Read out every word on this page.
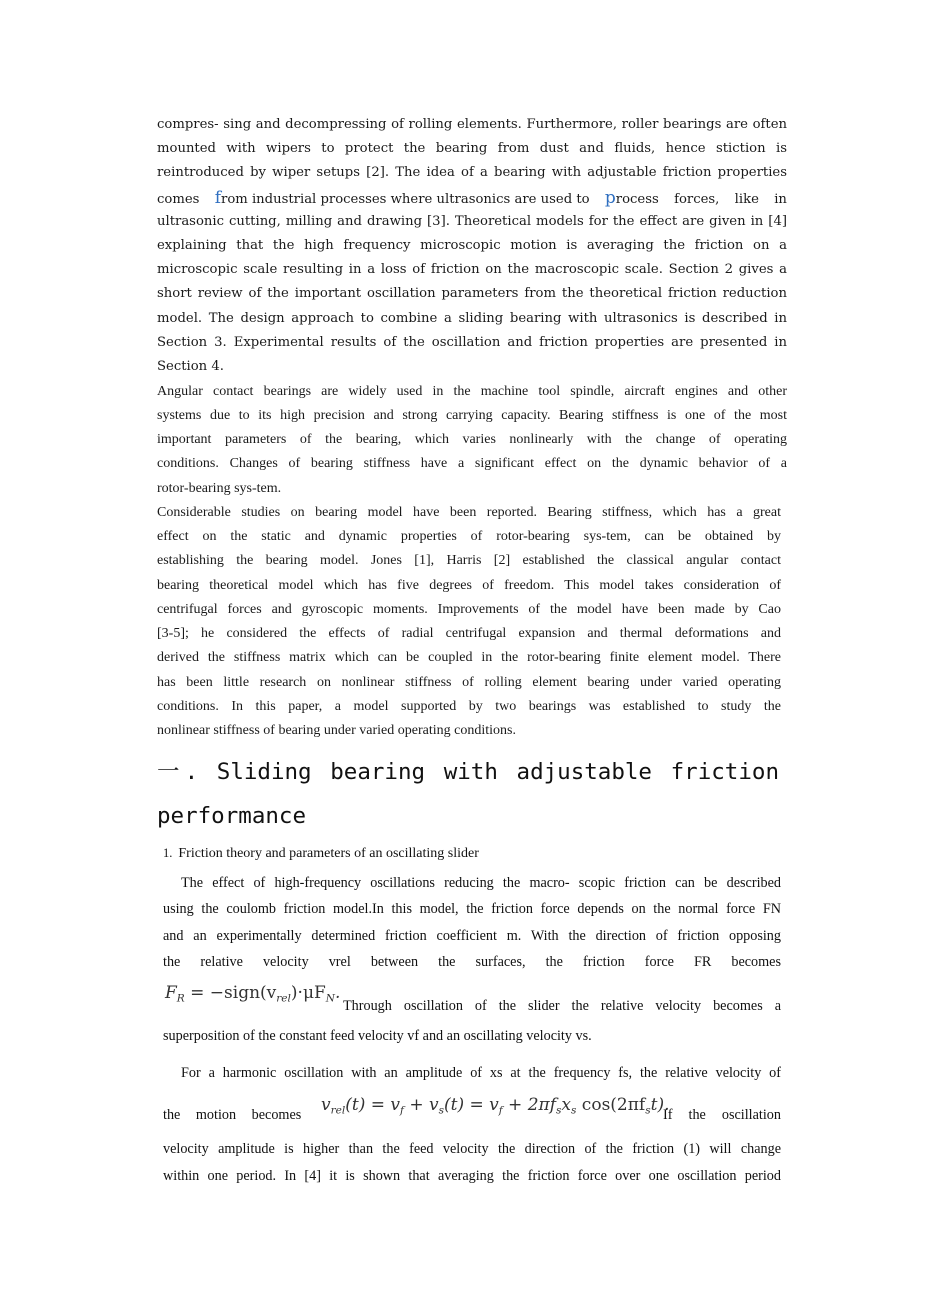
compres- sing and decompressing of rolling elements. Furthermore, roller bearings are often
mounted with wipers to protect the bearing from dust and fluids, hence stiction is
reintroduced by wiper setups [2]. The idea of a bearing with adjustable friction properties
comes from industrial processes where ultrasonics are used to process forces, like in
ultrasonic cutting, milling and drawing [3]. Theoretical models for the effect are given in [4]
explaining that the high frequency microscopic motion is averaging the friction on a
microscopic scale resulting in a loss of friction on the macroscopic scale. Section 2 gives a
short review of the important oscillation parameters from the theoretical friction reduction
model. The design approach to combine a sliding bearing with ultrasonics is described in
Section 3. Experimental results of the oscillation and friction properties are presented in
Section 4.
Angular contact bearings are widely used in the machine tool spindle, aircraft engines and other
systems due to its high precision and strong carrying capacity. Bearing stiffness is one of the most
important parameters of the bearing, which varies nonlinearly with the change of operating
conditions. Changes of bearing stiffness have a significant effect on the dynamic behavior of a
rotor-bearing sys-tem.
Considerable studies on bearing model have been reported. Bearing stiffness, which has a great
effect on the static and dynamic properties of rotor-bearing sys-tem, can be obtained by
establishing the bearing model. Jones [1], Harris [2] established the classical angular contact
bearing theoretical model which has five degrees of freedom. This model takes consideration of
centrifugal forces and gyroscopic moments. Improvements of the model have been made by Cao
[3-5]; he considered the effects of radial centrifugal expansion and thermal deformations and
derived the stiffness matrix which can be coupled in the rotor-bearing finite element model. There
has been little research on nonlinear stiffness of rolling element bearing under varied operating
conditions. In this paper, a model supported by two bearings was established to study the
nonlinear stiffness of bearing under varied operating conditions.
一. Sliding bearing with adjustable friction
performance
1. Friction theory and parameters of an oscillating slider
The effect of high-frequency oscillations reducing the macro- scopic friction can be described
using the coulomb friction model.In this model, the friction force depends on the normal force FN
and an experimentally determined friction coefficient m. With the direction of friction opposing
the relative velocity vrel between the surfaces, the friction force FR becomes
$F_R$ = $-sign(v_{rel})\cdot\mu F_N$.
Through oscillation of the slider the relative velocity becomes a
superposition of the constant feed velocity vf and an oscillating velocity vs.
For a harmonic oscillation with an amplitude of xs at the frequency fs, the relative velocity of
the motion becomes $v_{rel}(t) = v_f + v_s(t) = v_f + 2\pi f_sx_s$ $\cos(2\pi f_st)$.
If the oscillation
velocity amplitude is higher than the feed velocity the direction of the friction (1) will change
within one period. In [4] it is shown that averaging the friction force over one oscillation period
